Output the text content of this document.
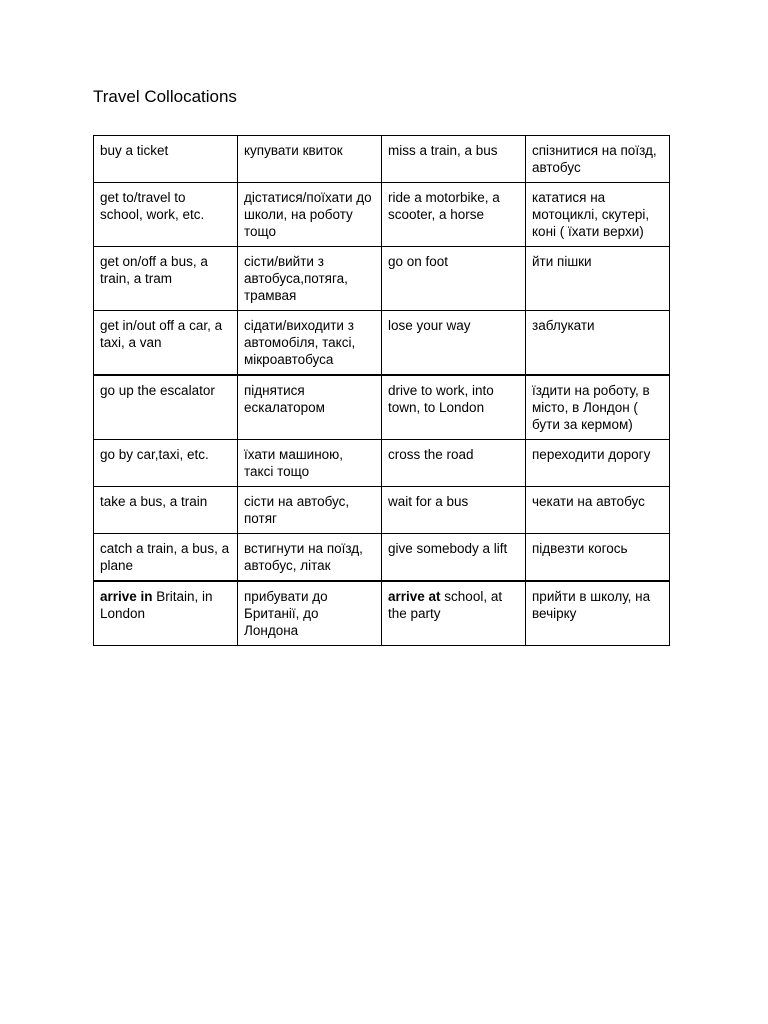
Travel Collocations
buy a ticket	купувати квиток	miss a train, a bus	спізнитися на поїзд, автобус
get to/travel to school, work, etc.	дістатися/поїхати до школи, на роботу тощо	ride a motorbike, a scooter, a horse	кататися на мотоциклі, скутері, коні ( їхати верхи)
get on/off a bus, a train, a tram	сісти/вийти з автобуса,потяга, трамвая	go on foot	йти пішки
get in/out off a car, a taxi, a van	сідати/виходити з автомобіля, таксі, мікроавтобуса	lose your way	заблукати
go up the escalator	піднятися ескалатором	drive to work, into town, to London	їздити на роботу, в місто, в Лондон ( бути за кермом)
go by car,taxi, etc.	їхати машиною, таксі тощо	cross the road	переходити дорогу
take a bus, a train	сісти на автобус, потяг	wait for a bus	чекати на автобус
catch a train, a bus, a plane	встигнути на поїзд, автобус, літак	give somebody a lift	підвезти когось
arrive in Britain, in London	прибувати до Британії, до Лондона	arrive at school, at the party	прийти в школу, на вечірку
